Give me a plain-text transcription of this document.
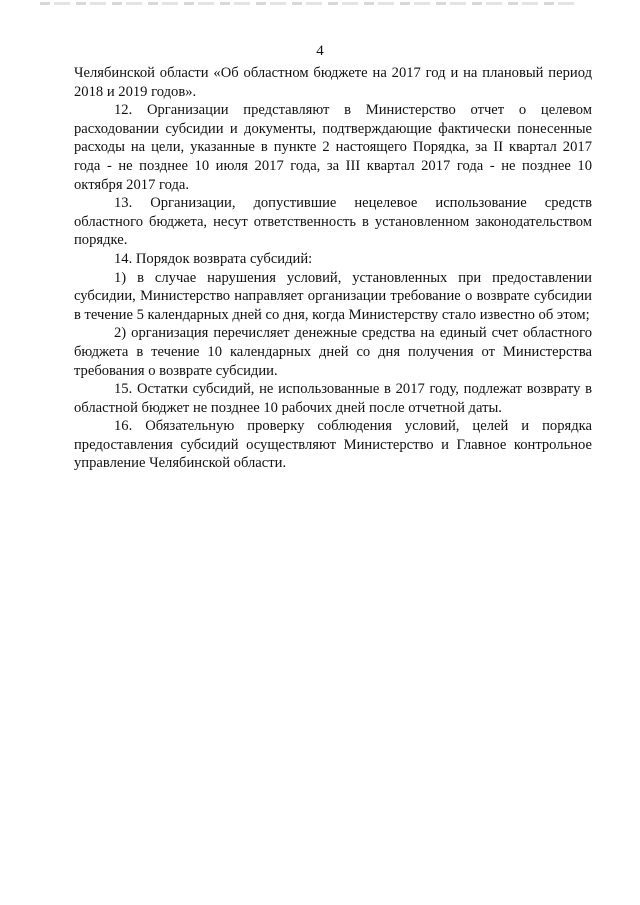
4

Челябинской области «Об областном бюджете на 2017 год и на плановый период 2018 и 2019 годов».

12. Организации представляют в Министерство отчет о целевом расходовании субсидии и документы, подтверждающие фактически понесенные расходы на цели, указанные в пункте 2 настоящего Порядка, за II квартал 2017 года - не позднее 10 июля 2017 года, за III квартал 2017 года - не позднее 10 октября 2017 года.

13. Организации, допустившие нецелевое использование средств областного бюджета, несут ответственность в установленном законодательством порядке.

14. Порядок возврата субсидий:

1) в случае нарушения условий, установленных при предоставлении субсидии, Министерство направляет организации требование о возврате субсидии в течение 5 календарных дней со дня, когда Министерству стало известно об этом;

2) организация перечисляет денежные средства на единый счет областного бюджета в течение 10 календарных дней со дня получения от Министерства требования о возврате субсидии.

15. Остатки субсидий, не использованные в 2017 году, подлежат возврату в областной бюджет не позднее 10 рабочих дней после отчетной даты.

16. Обязательную проверку соблюдения условий, целей и порядка предоставления субсидий осуществляют Министерство и Главное контрольное управление Челябинской области.
